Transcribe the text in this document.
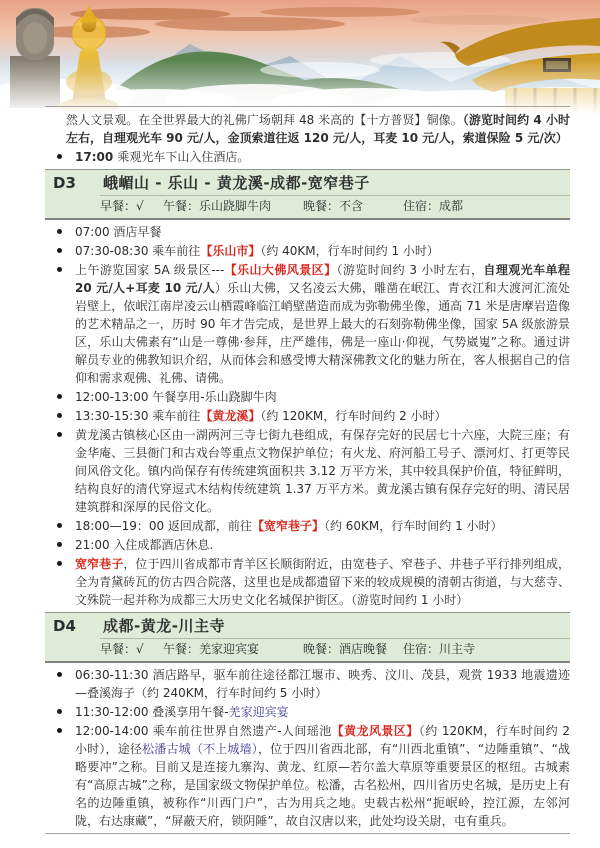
然人文景观。在全世界最大的礼佛广场朝拜 48 米高的【十方普贤】铜像。（游览时间约 4 小时左右，自理观光车 90 元/人，金顶索道往返 120 元/人，耳麦 10 元/人，索道保险 5 元/次）

17:00 乘观光车下山入住酒店。
D3 峨嵋山 - 乐山 - 黄龙溪-成都-宽窄巷子
早餐：√	午餐：乐山跷脚牛肉	晚餐：不含	住宿：成都
07:00 酒店早餐
07:30-08:30 乘车前往【乐山市】（约 40KM，行车时间约 1 小时）
上午游览国家 5A 级景区---【乐山大佛风景区】（游览时间约 3 小时左右，自理观光车单程 20 元/人+耳麦 10 元/人）乐山大佛，又名凌云大佛，雕凿在岷江、青衣江和大渡河汇流处岩壁上，依岷江南岸凌云山栖霞峰临江峭壁凿造而成为弥勒佛坐像，通高 71 米是唐摩岩造像的艺术精品之一，历时 90 年才告完成，是世界上最大的石刻弥勒佛坐像，国家 5A 级旅游景区，乐山大佛素有“山是一尊佛·参拜，庄严雄伟，佛是一座山·仰视，气势崴嵬”之称。通过讲解员专业的佛教知识介绍，从而体会和感受博大精深佛教文化的魅力所在，客人根据自己的信仰和需求观佛、礼佛、请佛。
12:00-13:00 午餐享用-乐山跷脚牛肉
13:30-15:30 乘车前往【黄龙溪】（约 120KM，行车时间约 2 小时）
黄龙溪古镇核心区由一湖两河三寺七街九巷组成，有保存完好的民居七十六座，大院三座；有金华庵、三县衙门和古戏台等重点文物保护单位；有火龙、府河船工号子、漂河灯、打更等民间风俗文化。镇内尚保存有传统建筑面积共 3.12 万平方米，其中较具保护价值，特征鲜明，结构良好的清代穿逗式木结构传统建筑 1.37 万平方米。黄龙溪古镇有保存完好的明、清民居建筑群和深厚的民俗文化。
18:00—19：00 返回成都，前往【宽窄巷子】（约 60KM，行车时间约 1 小时）
21:00 入住成都酒店休息.
宽窄巷子，位于四川省成都市青羊区长顺街附近，由宽巷子、窄巷子、井巷子平行排列组成，全为青黛砖瓦的仿古四合院落，这里也是成都遗留下来的较成规模的清朝古街道，与大慈寺、文殊院一起并称为成都三大历史文化名城保护街区。（游览时间约 1 小时）
D4 成都-黄龙-川主寺
早餐：√	午餐：羌家迎宾宴	晚餐：酒店晚餐	住宿：川主寺
06:30-11:30 酒店路早，驱车前往途径都江堰市、映秀、汶川、茂县，观赏 1933 地震遗迹—叠溪海子（约 240KM，行车时间约 5 小时）
11:30-12:00 叠溪享用午餐-羌家迎宾宴
12:00-14:00 乘车前往世界自然遗产-人间瑶池【黄龙风景区】（约 120KM，行车时间约 2 小时），途径松潘古城（不上城墙），位于四川省西北部，有“川西北重镇”、“边陲重镇”、“战略要冲”之称。目前又是连接九寨沟、黄龙、红原—若尔盖大草原等重要景区的枢纽。古城素有“高原古城”之称，是国家级文物保护单位。松潘，古名松州，四川省历史名城，是历史上有名的边陲重镇，被称作“川西门户”，古为用兵之地。史载古松州“扼岷岭，控江源，左邻河陇，右达康藏”，“屏蔽天府，锁阴陲”，故自汉唐以来，此处均设关尉，屯有重兵。
